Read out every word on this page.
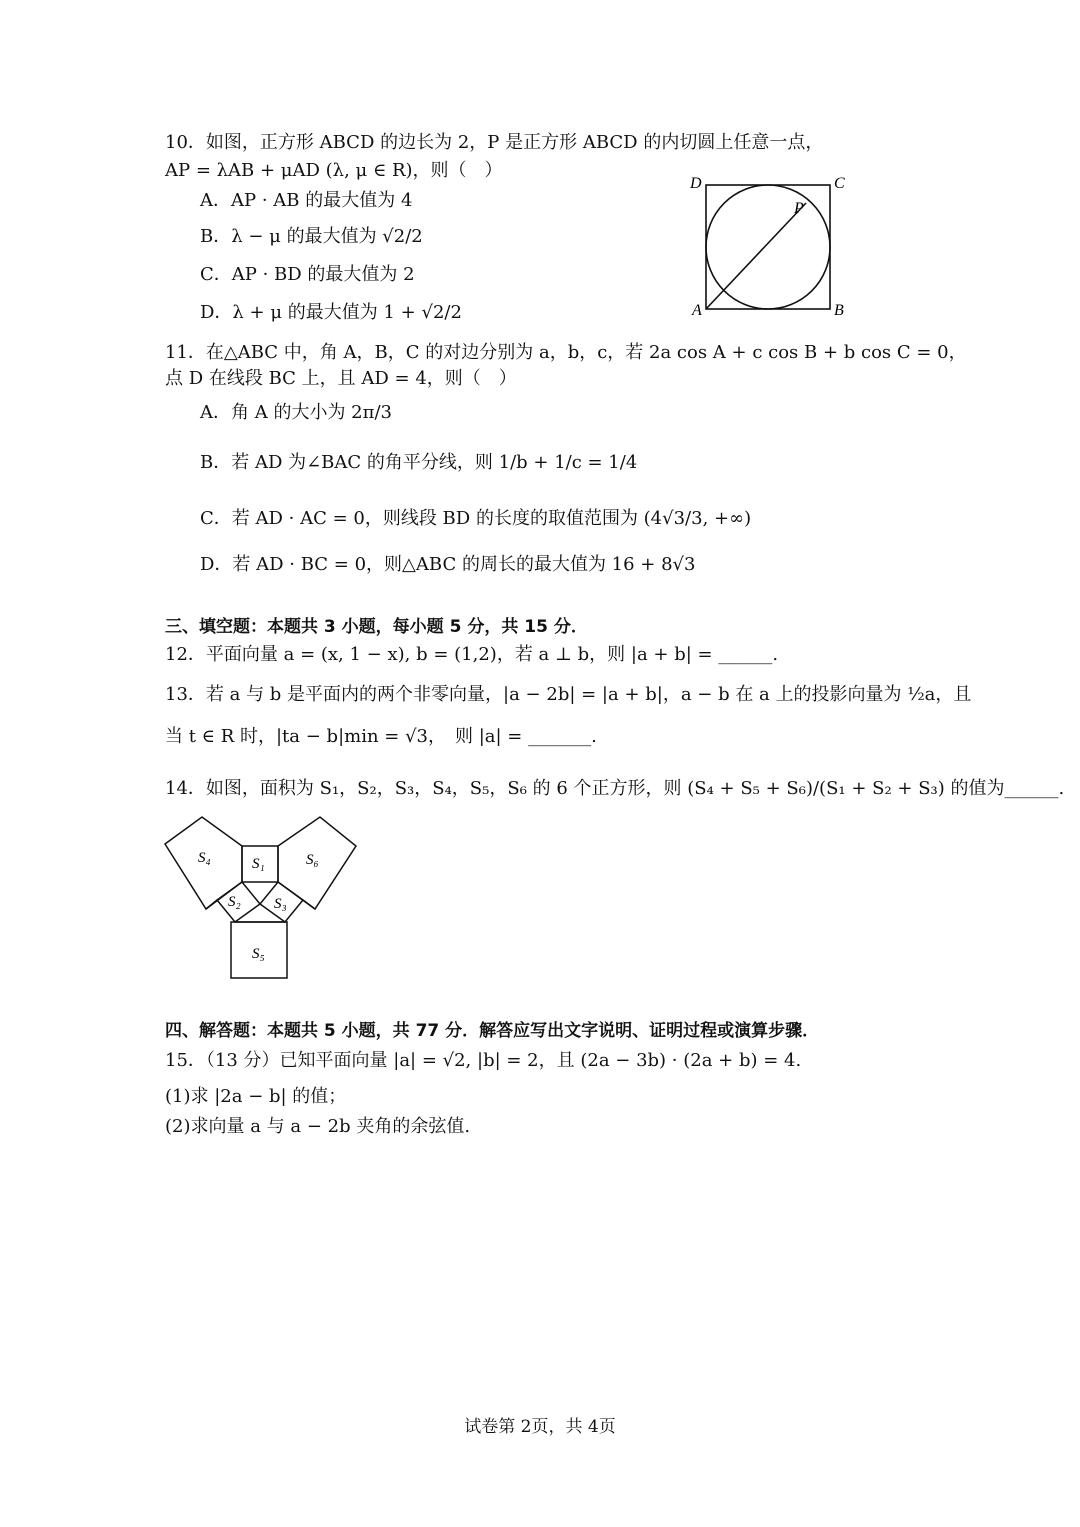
10．如图，正方形 ABCD 的边长为 2，P 是正方形 ABCD 的内切圆上任意一点，
AP = λAB + μAD (λ, μ ∈ R)，则（　）
A．AP · AB 的最大值为 4
B．λ − μ 的最大值为 √2/2
C．AP · BD 的最大值为 2
D．λ + μ 的最大值为 1 + √2/2
D	C
A	B
P
11．在△ABC 中，角 A，B，C 的对边分别为 a，b，c，若 2a cos A + c cos B + b cos C = 0，
点 D 在线段 BC 上，且 AD = 4，则（　）
A．角 A 的大小为 2π/3
B．若 AD 为∠BAC 的角平分线，则 1/b + 1/c = 1/4
C．若 AD · AC = 0，则线段 BD 的长度的取值范围为 (4√3/3, +∞)
D．若 AD · BC = 0，则△ABC 的周长的最大值为 16 + 8√3
三、填空题：本题共 3 小题，每小题 5 分，共 15 分．
12．平面向量 a = (x, 1 − x), b = (1,2)，若 a ⊥ b，则 |a + b| = ______.
13．若 a 与 b 是平面内的两个非零向量，|a − 2b| = |a + b|，a − b 在 a 上的投影向量为 ½a，且
当 t ∈ R 时，|ta − b|min = √3，　则 |a| = _______.
14．如图，面积为 S₁，S₂，S₃，S₄，S₅，S₆ 的 6 个正方形，则 (S₄ + S₅ + S₆)/(S₁ + S₂ + S₃) 的值为______.
S₁
S₂ S₃
S₄
S₅
S₆
四、解答题：本题共 5 小题，共 77 分．解答应写出文字说明、证明过程或演算步骤．
15．（13 分）已知平面向量 |a| = √2, |b| = 2，且 (2a − 3b) · (2a + b) = 4.
(1)求 |2a − b| 的值；
(2)求向量 a 与 a − 2b 夹角的余弦值.
试卷第 2页，共 4页
